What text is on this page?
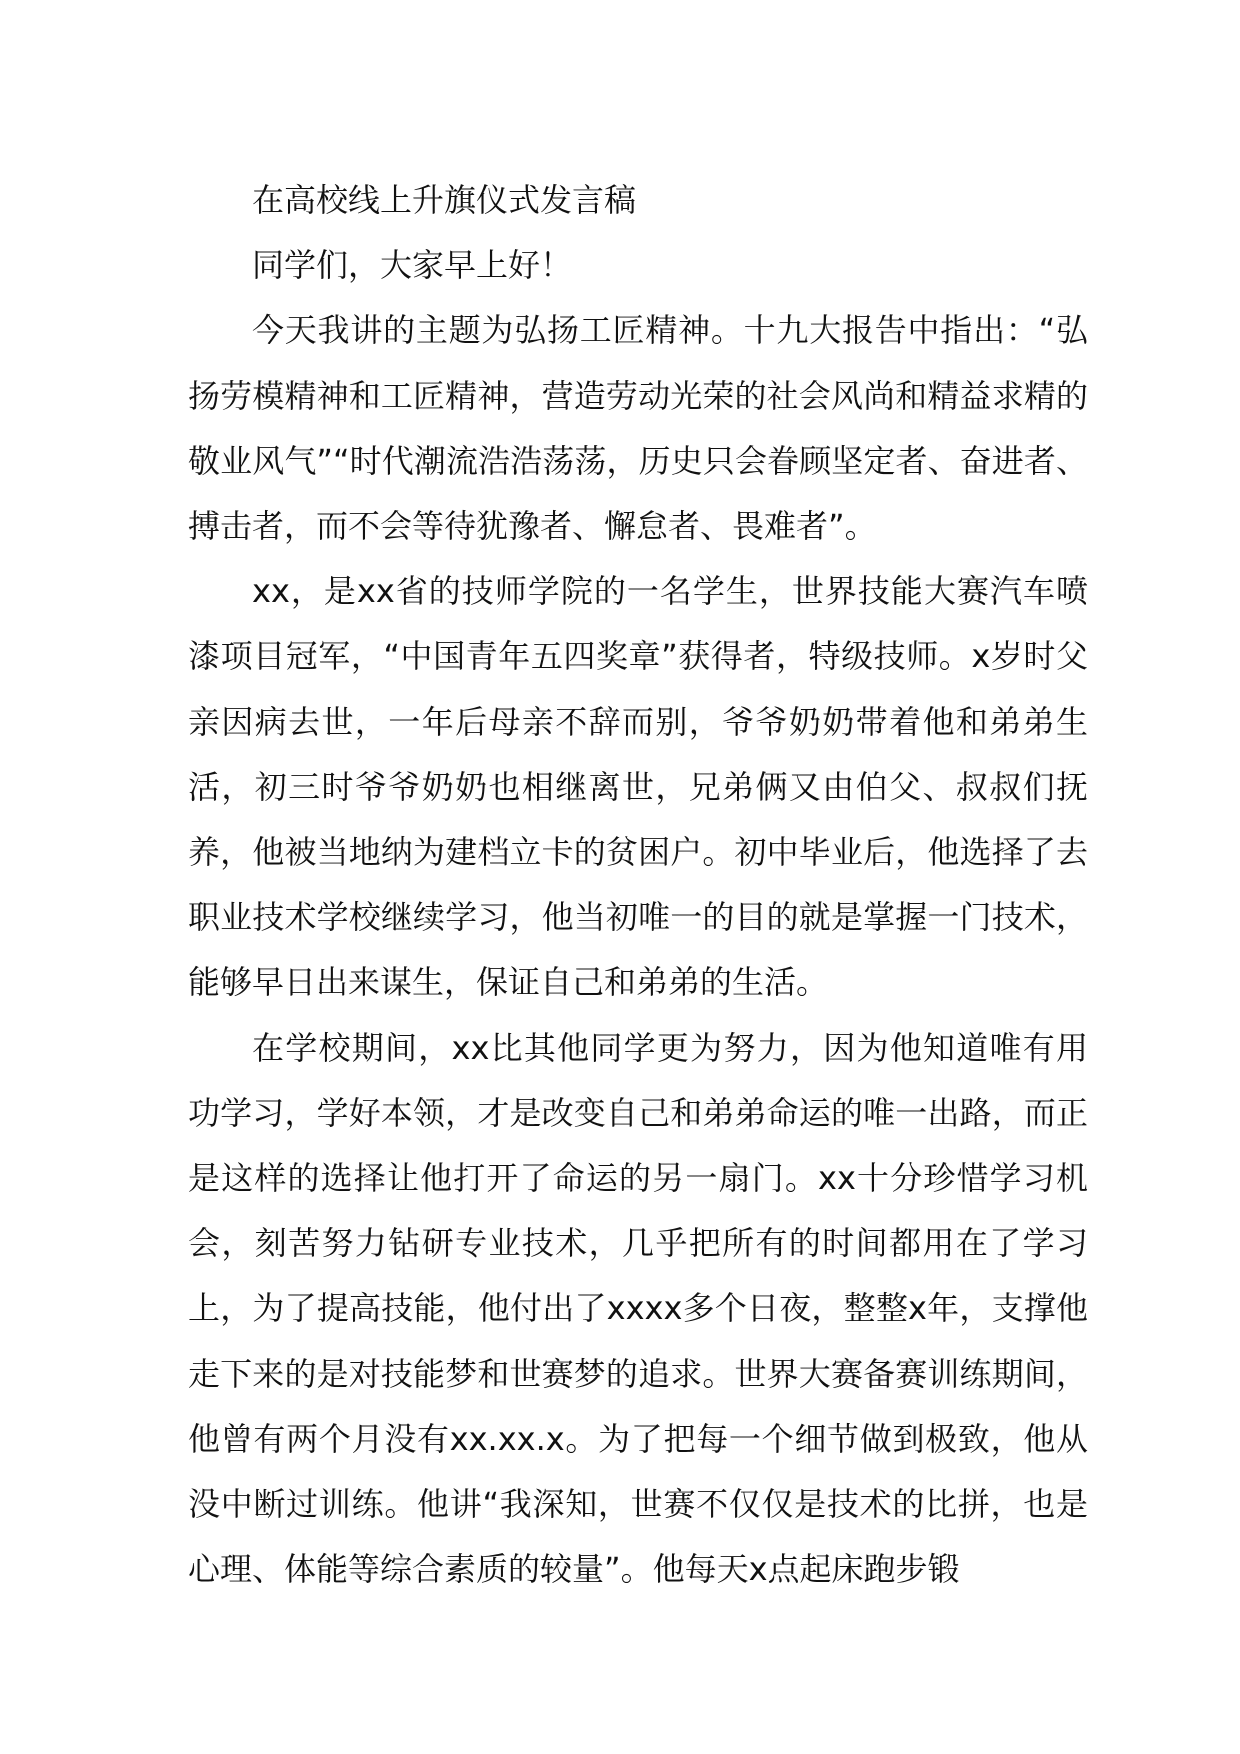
在高校线上升旗仪式发言稿

同学们，大家早上好！

今天我讲的主题为弘扬工匠精神。十九大报告中指出：“弘扬劳模精神和工匠精神，营造劳动光荣的社会风尚和精益求精的敬业风气”“时代潮流浩浩荡荡，历史只会眷顾坚定者、奋进者、搏击者，而不会等待犹豫者、懈怠者、畏难者”。

xx，是xx省的技师学院的一名学生，世界技能大赛汽车喷漆项目冠军，“中国青年五四奖章”获得者，特级技师。x岁时父亲因病去世，一年后母亲不辞而别，爷爷奶奶带着他和弟弟生活，初三时爷爷奶奶也相继离世，兄弟俩又由伯父、叔叔们抚养，他被当地纳为建档立卡的贫困户。初中毕业后，他选择了去职业技术学校继续学习，他当初唯一的目的就是掌握一门技术，能够早日出来谋生，保证自己和弟弟的生活。

在学校期间，xx比其他同学更为努力，因为他知道唯有用功学习，学好本领，才是改变自己和弟弟命运的唯一出路，而正是这样的选择让他打开了命运的另一扇门。xx十分珍惜学习机会，刻苦努力钻研专业技术，几乎把所有的时间都用在了学习上，为了提高技能，他付出了xxxx多个日夜，整整x年，支撑他走下来的是对技能梦和世赛梦的追求。世界大赛备赛训练期间，他曾有两个月没有xx.xx.x。为了把每一个细节做到极致，他从没中断过训练。他讲“我深知，世赛不仅仅是技术的比拼，也是心理、体能等综合素质的较量”。他每天x点起床跑步锻
